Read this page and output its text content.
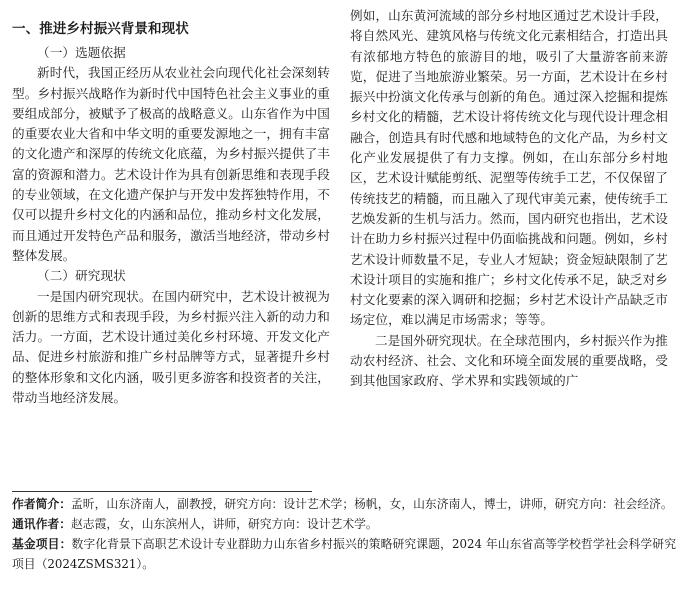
一、推进乡村振兴背景和现状
（一）选题依据

新时代，我国正经历从农业社会向现代化社会深刻转型。乡村振兴战略作为新时代中国特色社会主义事业的重要组成部分，被赋予了极高的战略意义。山东省作为中国的重要农业大省和中华文明的重要发源地之一，拥有丰富的文化遗产和深厚的传统文化底蕴，为乡村振兴提供了丰富的资源和潜力。艺术设计作为具有创新思维和表现手段的专业领域，在文化遗产保护与开发中发挥独特作用，不仅可以提升乡村文化的内涵和品位，推动乡村文化发展，而且通过开发特色产品和服务，激活当地经济，带动乡村整体发展。

（二）研究现状

一是国内研究现状。在国内研究中，艺术设计被视为创新的思维方式和表现手段，为乡村振兴注入新的动力和活力。一方面，艺术设计通过美化乡村环境、开发文化产品、促进乡村旅游和推广乡村品牌等方式，显著提升乡村的整体形象和文化内涵，吸引更多游客和投资者的关注，带动当地经济发展。

例如，山东黄河流域的部分乡村地区通过艺术设计手段，将自然风光、建筑风格与传统文化元素相结合，打造出具有浓郁地方特色的旅游目的地，吸引了大量游客前来游览，促进了当地旅游业繁荣。另一方面，艺术设计在乡村振兴中扮演文化传承与创新的角色。通过深入挖掘和提炼乡村文化的精髓，艺术设计将传统文化与现代设计理念相融合，创造具有时代感和地域特色的文化产品，为乡村文化产业发展提供了有力支撑。例如，在山东部分乡村地区，艺术设计赋能剪纸、泥塑等传统手工艺，不仅保留了传统技艺的精髓，而且融入了现代审美元素，使传统手工艺焕发新的生机与活力。然而，国内研究也指出，艺术设计在助力乡村振兴过程中仍面临挑战和问题。例如，乡村艺术设计师数量不足，专业人才短缺；资金短缺限制了艺术设计项目的实施和推广；乡村文化传承不足，缺乏对乡村文化要素的深入调研和挖掘；乡村艺术设计产品缺乏市场定位，难以满足市场需求；等等。

二是国外研究现状。在全球范围内，乡村振兴作为推动农村经济、社会、文化和环境全面发展的重要战略，受到其他国家政府、学术界和实践领域的广

作者简介：孟昕，山东济南人，副教授，研究方向：设计艺术学；杨帆，女，山东济南人，博士，讲师，研究方向：社会经济。

通讯作者：赵志霞，女，山东滨州人，讲师，研究方向：设计艺术学。

基金项目：数字化背景下高职艺术设计专业群助力山东省乡村振兴的策略研究课题，2024 年山东省高等学校哲学社会科学研究项目（2024ZSMS321）。
